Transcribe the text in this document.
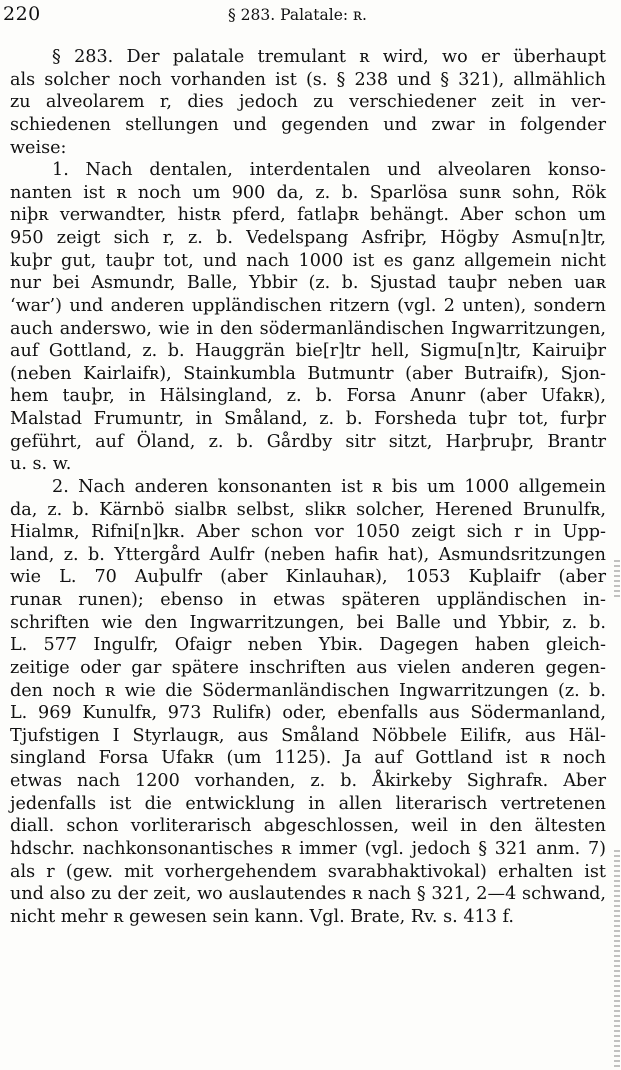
220	§ 283. Palatale: ʀ.

§ 283. Der palatale tremulant ʀ wird, wo er überhaupt

als solcher noch vorhanden ist (s. § 238 und § 321), allmählich

zu alveolarem r, dies jedoch zu verschiedener zeit in ver-

schiedenen stellungen und gegenden und zwar in folgender

weise:

1. Nach dentalen, interdentalen und alveolaren konso-

nanten ist ʀ noch um 900 da, z. b. Sparlösa sunʀ sohn, Rök

niþʀ verwandter, histʀ pferd, fatlaþʀ behängt. Aber schon um

950 zeigt sich r, z. b. Vedelspang Asfriþr, Högby Asmu[n]tr,

kuþr gut, tauþr tot, und nach 1000 ist es ganz allgemein nicht

nur bei Asmundr, Balle, Ybbir (z. b. Sjustad tauþr neben uaʀ

‘war’) und anderen uppländischen ritzern (vgl. 2 unten), sondern

auch anderswo, wie in den södermanländischen Ingwarritzungen,

auf Gottland, z. b. Hauggrän bie[r]tr hell, Sigmu[n]tr, Kairuiþr

(neben Kairlaifʀ), Stainkumbla Butmuntr (aber Butraifʀ), Sjon-

hem tauþr, in Hälsingland, z. b. Forsa Anunr (aber Ufakʀ),

Malstad Frumuntr, in Småland, z. b. Forsheda tuþr tot, furþr

geführt, auf Öland, z. b. Gårdby sitr sitzt, Harþruþr, Brantr

u. s. w.

2. Nach anderen konsonanten ist ʀ bis um 1000 allgemein

da, z. b. Kärnbö sialbʀ selbst, slikʀ solcher, Herened Brunulfʀ,

Hialmʀ, Rifni[n]kʀ. Aber schon vor 1050 zeigt sich r in Upp-

land, z. b. Yttergård Aulfr (neben hafiʀ hat), Asmundsritzungen

wie L. 70 Auþulfr (aber Kinlauhaʀ), 1053 Kuþlaifr (aber

runaʀ runen); ebenso in etwas späteren uppländischen in-

schriften wie den Ingwarritzungen, bei Balle und Ybbir, z. b.

L. 577 Ingulfr, Ofaigr neben Ybiʀ. Dagegen haben gleich-

zeitige oder gar spätere inschriften aus vielen anderen gegen-

den noch ʀ wie die Södermanländischen Ingwarritzungen (z. b.

L. 969 Kunulfʀ, 973 Rulifʀ) oder, ebenfalls aus Södermanland,

Tjufstigen I Styrlaugʀ, aus Småland Nöbbele Eilifʀ, aus Häl-

singland Forsa Ufakʀ (um 1125). Ja auf Gottland ist ʀ noch

etwas nach 1200 vorhanden, z. b. Åkirkeby Sighrafʀ. Aber

jedenfalls ist die entwicklung in allen literarisch vertretenen

diall. schon vorliterarisch abgeschlossen, weil in den ältesten

hdschr. nachkonsonantisches ʀ immer (vgl. jedoch § 321 anm. 7)

als r (gew. mit vorhergehendem svarabhaktivokal) erhalten ist

und also zu der zeit, wo auslautendes ʀ nach § 321, 2—4 schwand,

nicht mehr ʀ gewesen sein kann. Vgl. Brate, Rv. s. 413 f.
